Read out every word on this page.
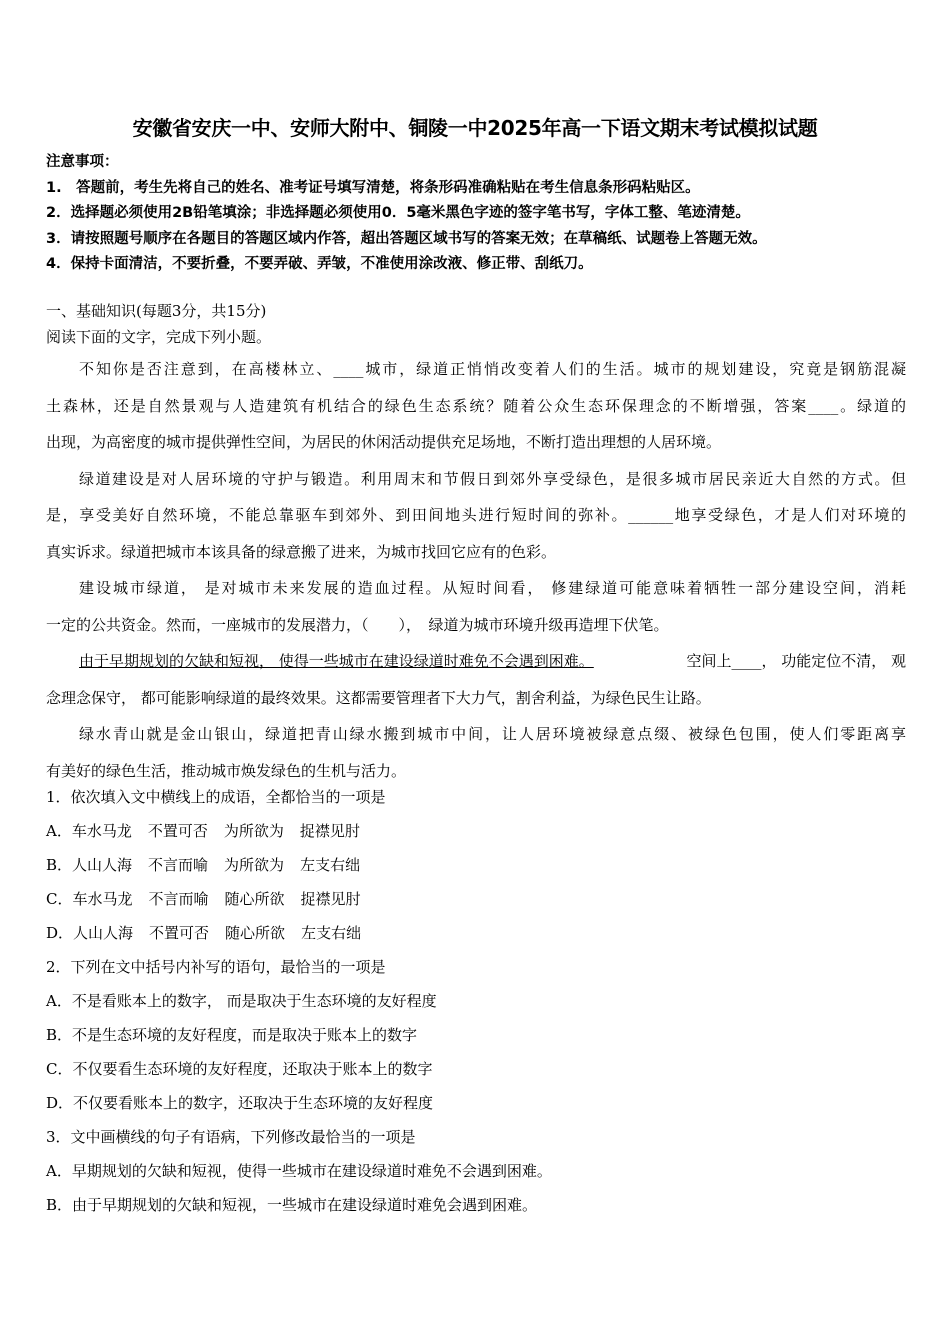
安徽省安庆一中、安师大附中、铜陵一中2025年高一下语文期末考试模拟试题
注意事项：
1.　答题前，考生先将自己的姓名、准考证号填写清楚，将条形码准确粘贴在考生信息条形码粘贴区。
2．选择题必须使用2B铅笔填涂；非选择题必须使用0．5毫米黑色字迹的签字笔书写，字体工整、笔迹清楚。
3．请按照题号顺序在各题目的答题区域内作答，超出答题区域书写的答案无效；在草稿纸、试题卷上答题无效。
4．保持卡面清洁，不要折叠，不要弄破、弄皱，不准使用涂改液、修正带、刮纸刀。
一、基础知识(每题3分，共15分)
阅读下面的文字，完成下列小题。
不知你是否注意到，在高楼林立、____城市，绿道正悄悄改变着人们的生活。城市的规划建设，究竟是钢筋混凝
土森林，还是自然景观与人造建筑有机结合的绿色生态系统？随着公众生态环保理念的不断增强，答案____。绿道的
出现，为高密度的城市提供弹性空间，为居民的休闲活动提供充足场地，不断打造出理想的人居环境。
绿道建设是对人居环境的守护与锻造。利用周末和节假日到郊外享受绿色，是很多城市居民亲近大自然的方式。但
是，享受美好自然环境，不能总靠驱车到郊外、到田间地头进行短时间的弥补。______地享受绿色，才是人们对环境的
真实诉求。绿道把城市本该具备的绿意搬了进来，为城市找回它应有的色彩。
建设城市绿道， 是对城市未来发展的造血过程。从短时间看， 修建绿道可能意味着牺牲一部分建设空间，消耗
一定的公共资金。然而，一座城市的发展潜力，（　　），　绿道为城市环境升级再造埋下伏笔。
由于早期规划的欠缺和短视， 使得一些城市在建设绿道时难免不会遇到困难。	空间上____， 功能定位不清， 观
念理念保守， 都可能影响绿道的最终效果。这都需要管理者下大力气，割舍利益，为绿色民生让路。
绿水青山就是金山银山，绿道把青山绿水搬到城市中间，让人居环境被绿意点缀、被绿色包围，使人们零距离享
有美好的绿色生活，推动城市焕发绿色的生机与活力。
1．依次填入文中横线上的成语，全都恰当的一项是
A．车水马龙 不置可否 为所欲为 捉襟见肘
B．人山人海 不言而喻 为所欲为 左支右绌
C．车水马龙 不言而喻 随心所欲 捉襟见肘
D．人山人海 不置可否 随心所欲 左支右绌
2．下列在文中括号内补写的语句，最恰当的一项是
A．不是看账本上的数字， 而是取决于生态环境的友好程度
B．不是生态环境的友好程度，而是取决于账本上的数字
C．不仅要看生态环境的友好程度，还取决于账本上的数字
D．不仅要看账本上的数字，还取决于生态环境的友好程度
3．文中画横线的句子有语病，下列修改最恰当的一项是
A．早期规划的欠缺和短视，使得一些城市在建设绿道时难免不会遇到困难。
B．由于早期规划的欠缺和短视，一些城市在建设绿道时难免会遇到困难。
